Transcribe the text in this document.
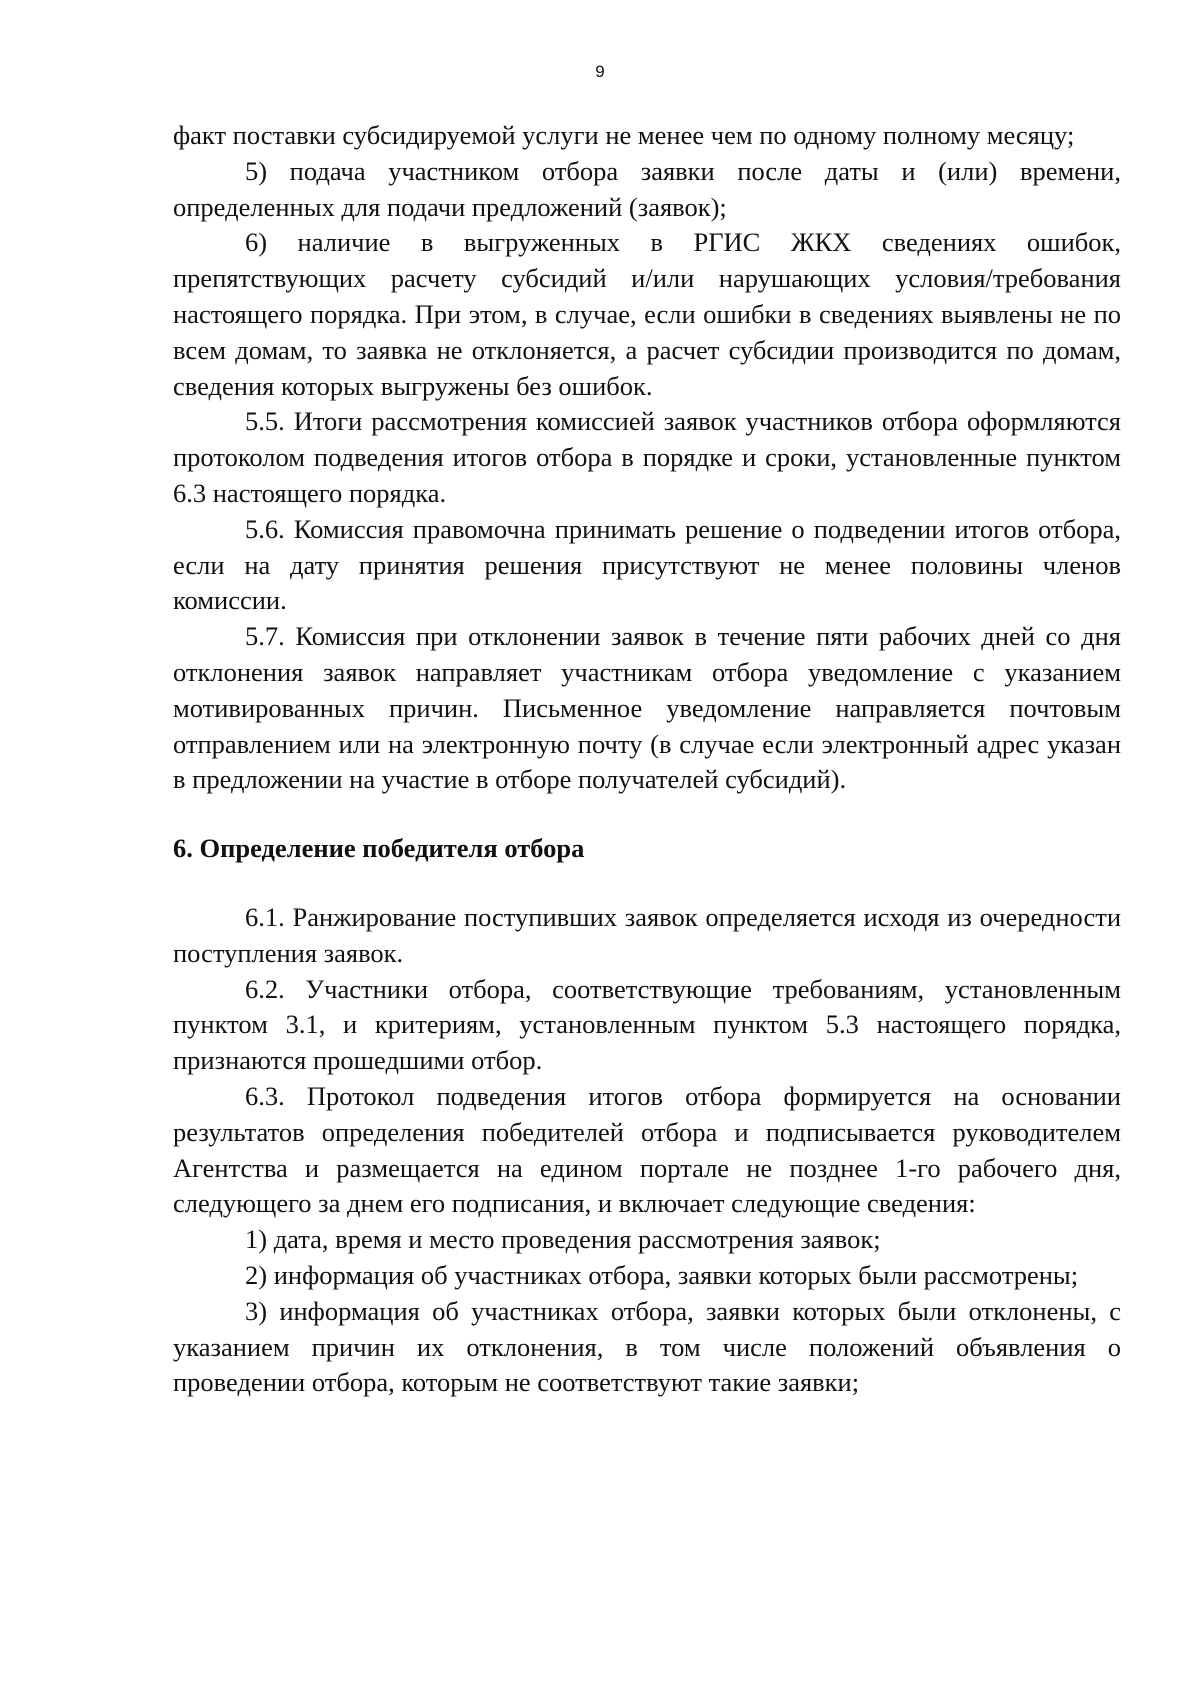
9

факт поставки субсидируемой услуги не менее чем по одному полному месяцу;

5) подача участником отбора заявки после даты и (или) времени, определенных для подачи предложений (заявок);

6) наличие в выгруженных в РГИС ЖКХ сведениях ошибок, препятствующих расчету субсидий и/или нарушающих условия/требования настоящего порядка. При этом, в случае, если ошибки в сведениях выявлены не по всем домам, то заявка не отклоняется, а расчет субсидии производится по домам, сведения которых выгружены без ошибок.

5.5. Итоги рассмотрения комиссией заявок участников отбора оформляются протоколом подведения итогов отбора в порядке и сроки, установленные пунктом 6.3 настоящего порядка.

5.6. Комиссия правомочна принимать решение о подведении итогов отбора, если на дату принятия решения присутствуют не менее половины членов комиссии.

5.7. Комиссия при отклонении заявок в течение пяти рабочих дней со дня отклонения заявок направляет участникам отбора уведомление с указанием мотивированных причин. Письменное уведомление направляется почтовым отправлением или на электронную почту (в случае если электронный адрес указан в предложении на участие в отборе получателей субсидий).

6. Определение победителя отбора

6.1. Ранжирование поступивших заявок определяется исходя из очередности поступления заявок.

6.2. Участники отбора, соответствующие требованиям, установленным пунктом 3.1, и критериям, установленным пунктом 5.3 настоящего порядка, признаются прошедшими отбор.

6.3. Протокол подведения итогов отбора формируется на основании результатов определения победителей отбора и подписывается руководителем Агентства и размещается на едином портале не позднее 1-го рабочего дня, следующего за днем его подписания, и включает следующие сведения:

1) дата, время и место проведения рассмотрения заявок;

2) информация об участниках отбора, заявки которых были рассмотрены;

3) информация об участниках отбора, заявки которых были отклонены, с указанием причин их отклонения, в том числе положений объявления о проведении отбора, которым не соответствуют такие заявки;
